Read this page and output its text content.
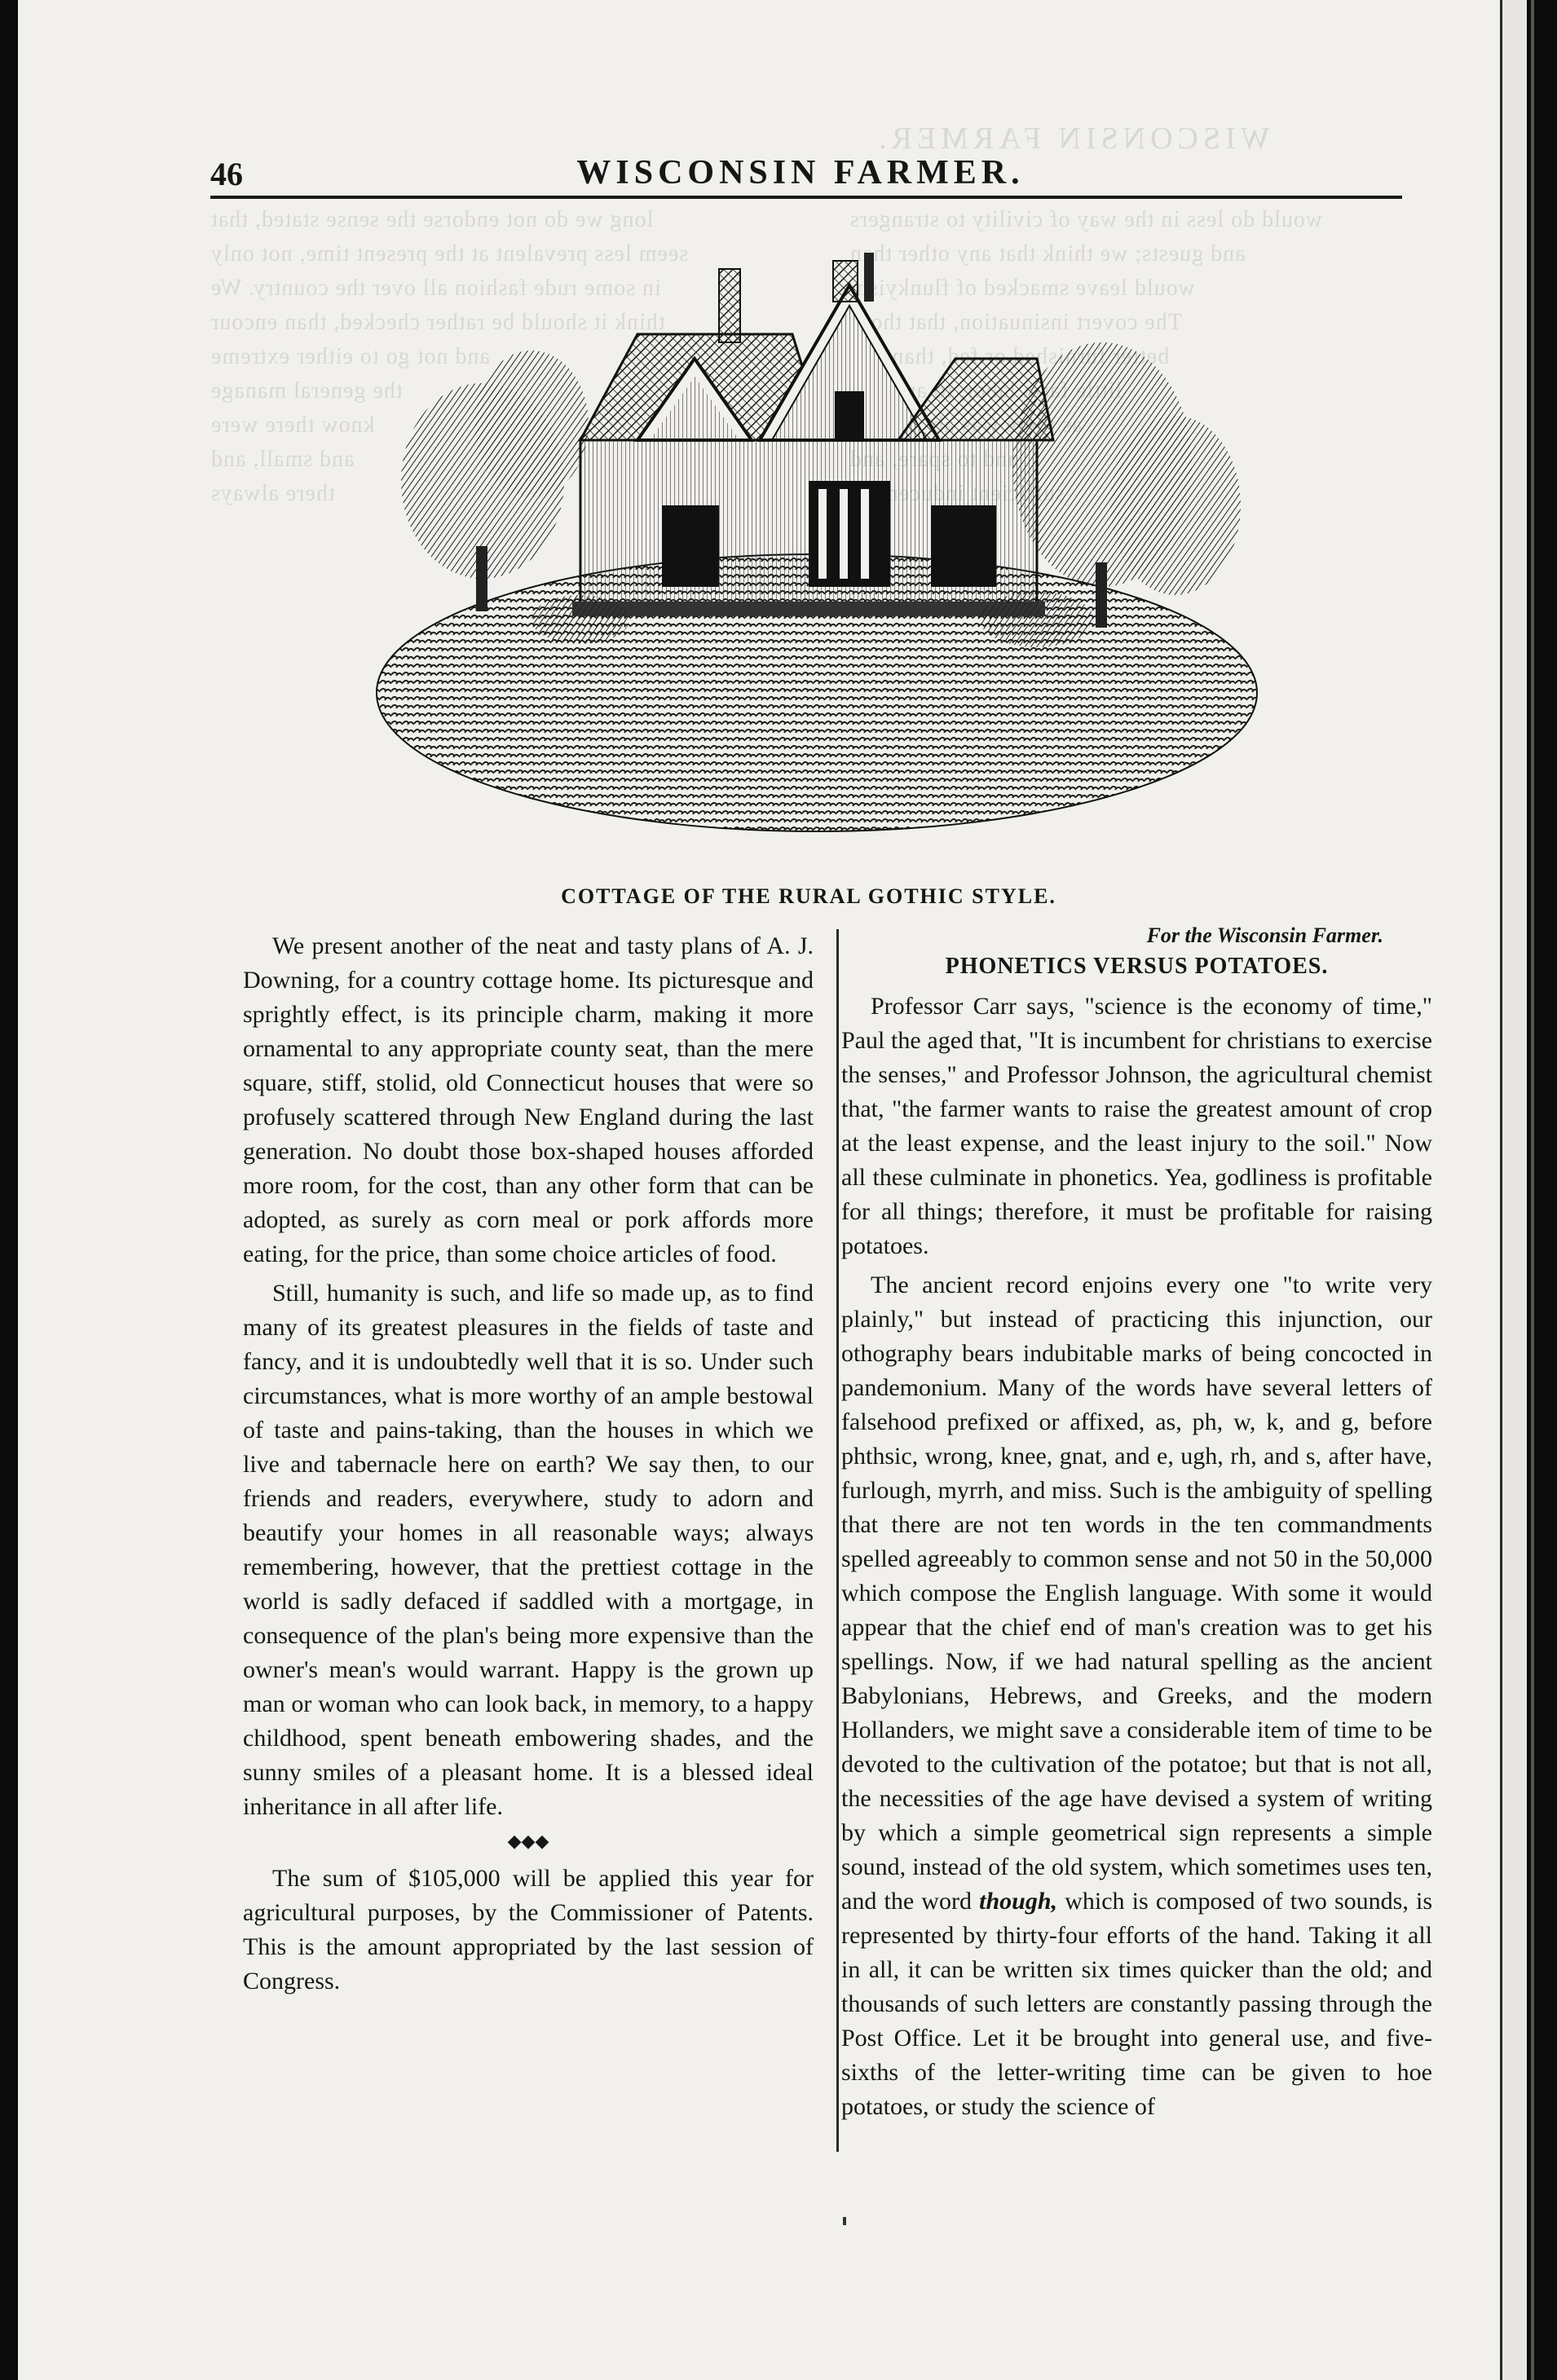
WISCONSIN FARMER.
long we do not endorse the sense stated, that
seem less prevalent at the present time, not only
in some rude fashion all over the country. We
think it should be rather checked, than encour
and not go to either extreme
the general manage
know there were
and small, and
there always
would do less in the way of civility to strangers
and guests; we think that any other than
would leave smacked of flunkyism
The covert insinuation, that those
better furnished or fed, than any
46	WISCONSIN FARMER.
COTTAGE OF THE RURAL GOTHIC STYLE.

We present another of the neat and tasty plans of A. J. Downing, for a country cottage home. Its picturesque and sprightly effect, is its principle charm, making it more ornamental to any appropriate county seat, than the mere square, stiff, stolid, old Connecticut houses that were so profusely scattered through New England during the last generation. No doubt those box-shaped houses afforded more room, for the cost, than any other form that can be adopted, as surely as corn meal or pork affords more eating, for the price, than some choice articles of food.

Still, humanity is such, and life so made up, as to find many of its greatest pleasures in the fields of taste and fancy, and it is undoubtedly well that it is so. Under such circumstances, what is more worthy of an ample bestowal of taste and pains-taking, than the houses in which we live and tabernacle here on earth? We say then, to our friends and readers, everywhere, study to adorn and beautify your homes in all reasonable ways; always remembering, however, that the prettiest cottage in the world is sadly defaced if saddled with a mortgage, in consequence of the plan's being more expensive than the owner's mean's would warrant. Happy is the grown up man or woman who can look back, in memory, to a happy childhood, spent beneath embowering shades, and the sunny smiles of a pleasant home. It is a blessed ideal inheritance in all after life.

◆◆◆

The sum of $105,000 will be applied this year for agricultural purposes, by the Commissioner of Patents. This is the amount appropriated by the last session of Congress.

For the Wisconsin Farmer.
PHONETICS VERSUS POTATOES.

Professor Carr says, "science is the economy of time," Paul the aged that, "It is incumbent for christians to exercise the senses," and Professor Johnson, the agricultural chemist that, "the farmer wants to raise the greatest amount of crop at the least expense, and the least injury to the soil." Now all these culminate in phonetics. Yea, godliness is profitable for all things; therefore, it must be profitable for raising potatoes.

The ancient record enjoins every one "to write very plainly," but instead of practicing this injunction, our othography bears indubitable marks of being concocted in pandemonium. Many of the words have several letters of falsehood prefixed or affixed, as, ph, w, k, and g, before phthsic, wrong, knee, gnat, and e, ugh, rh, and s, after have, furlough, myrrh, and miss. Such is the ambiguity of spelling that there are not ten words in the ten commandments spelled agreeably to common sense and not 50 in the 50,000 which compose the English language. With some it would appear that the chief end of man's creation was to get his spellings. Now, if we had natural spelling as the ancient Babylonians, Hebrews, and Greeks, and the modern Hollanders, we might save a considerable item of time to be devoted to the cultivation of the potatoe; but that is not all, the necessities of the age have devised a system of writing by which a simple geometrical sign represents a simple sound, instead of the old system, which sometimes uses ten, and the word though, which is composed of two sounds, is represented by thirty-four efforts of the hand. Taking it all in all, it can be written six times quicker than the old; and thousands of such letters are constantly passing through the Post Office. Let it be brought into general use, and five-sixths of the letter-writing time can be given to hoe potatoes, or study the science of
